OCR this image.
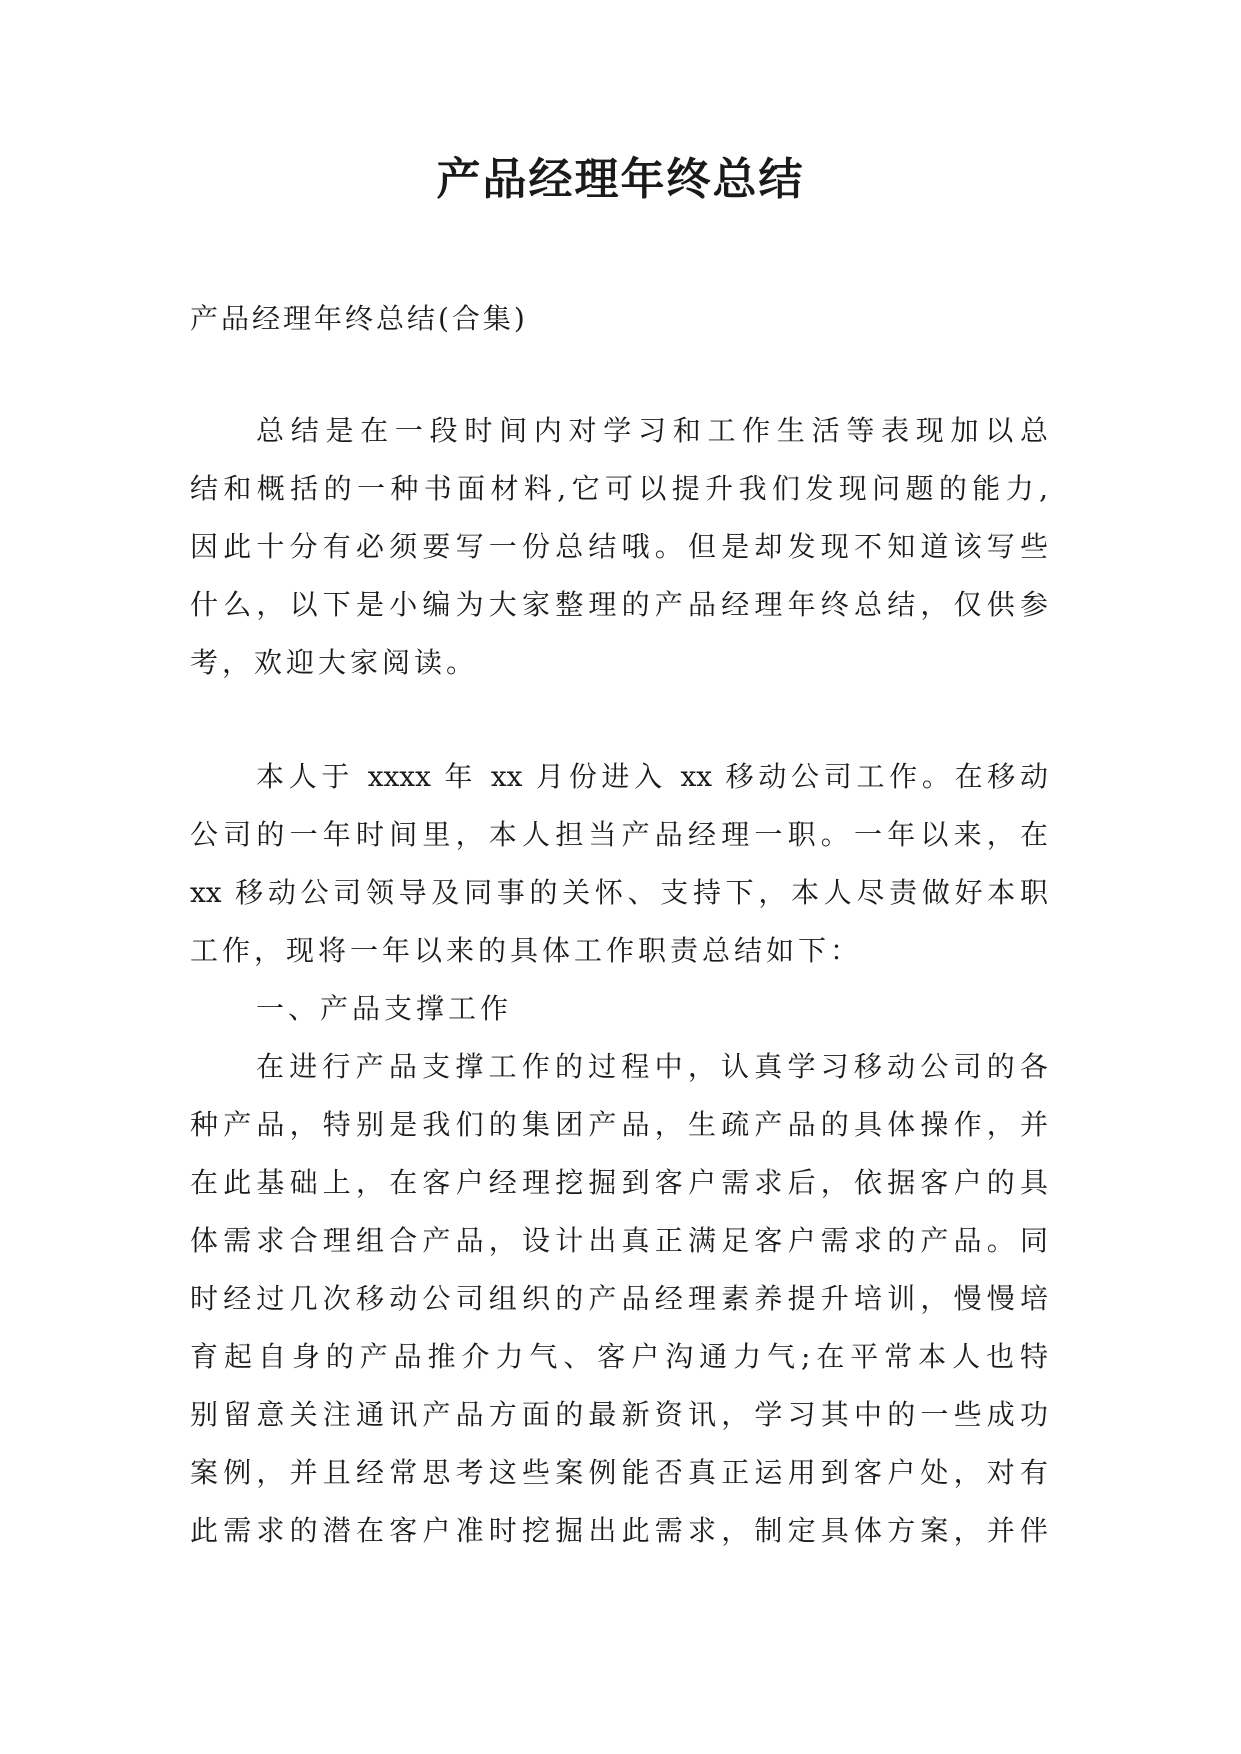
产品经理年终总结
产品经理年终总结(合集)
总结是在一段时间内对学习和工作生活等表现加以总
结和概括的一种书面材料,它可以提升我们发现问题的能力,
因此十分有必须要写一份总结哦。但是却发现不知道该写些
什么，以下是小编为大家整理的产品经理年终总结，仅供参
考，欢迎大家阅读。
本人于 xxxx 年 xx 月份进入 xx 移动公司工作。在移动
公司的一年时间里，本人担当产品经理一职。一年以来，在
xx 移动公司领导及同事的关怀、支持下，本人尽责做好本职
工作，现将一年以来的具体工作职责总结如下：
一、产品支撑工作
在进行产品支撑工作的过程中，认真学习移动公司的各
种产品，特别是我们的集团产品，生疏产品的具体操作，并
在此基础上，在客户经理挖掘到客户需求后，依据客户的具
体需求合理组合产品，设计出真正满足客户需求的产品。同
时经过几次移动公司组织的产品经理素养提升培训，慢慢培
育起自身的产品推介力气、客户沟通力气;在平常本人也特
别留意关注通讯产品方面的最新资讯，学习其中的一些成功
案例，并且经常思考这些案例能否真正运用到客户处，对有
此需求的潜在客户准时挖掘出此需求，制定具体方案，并伴
